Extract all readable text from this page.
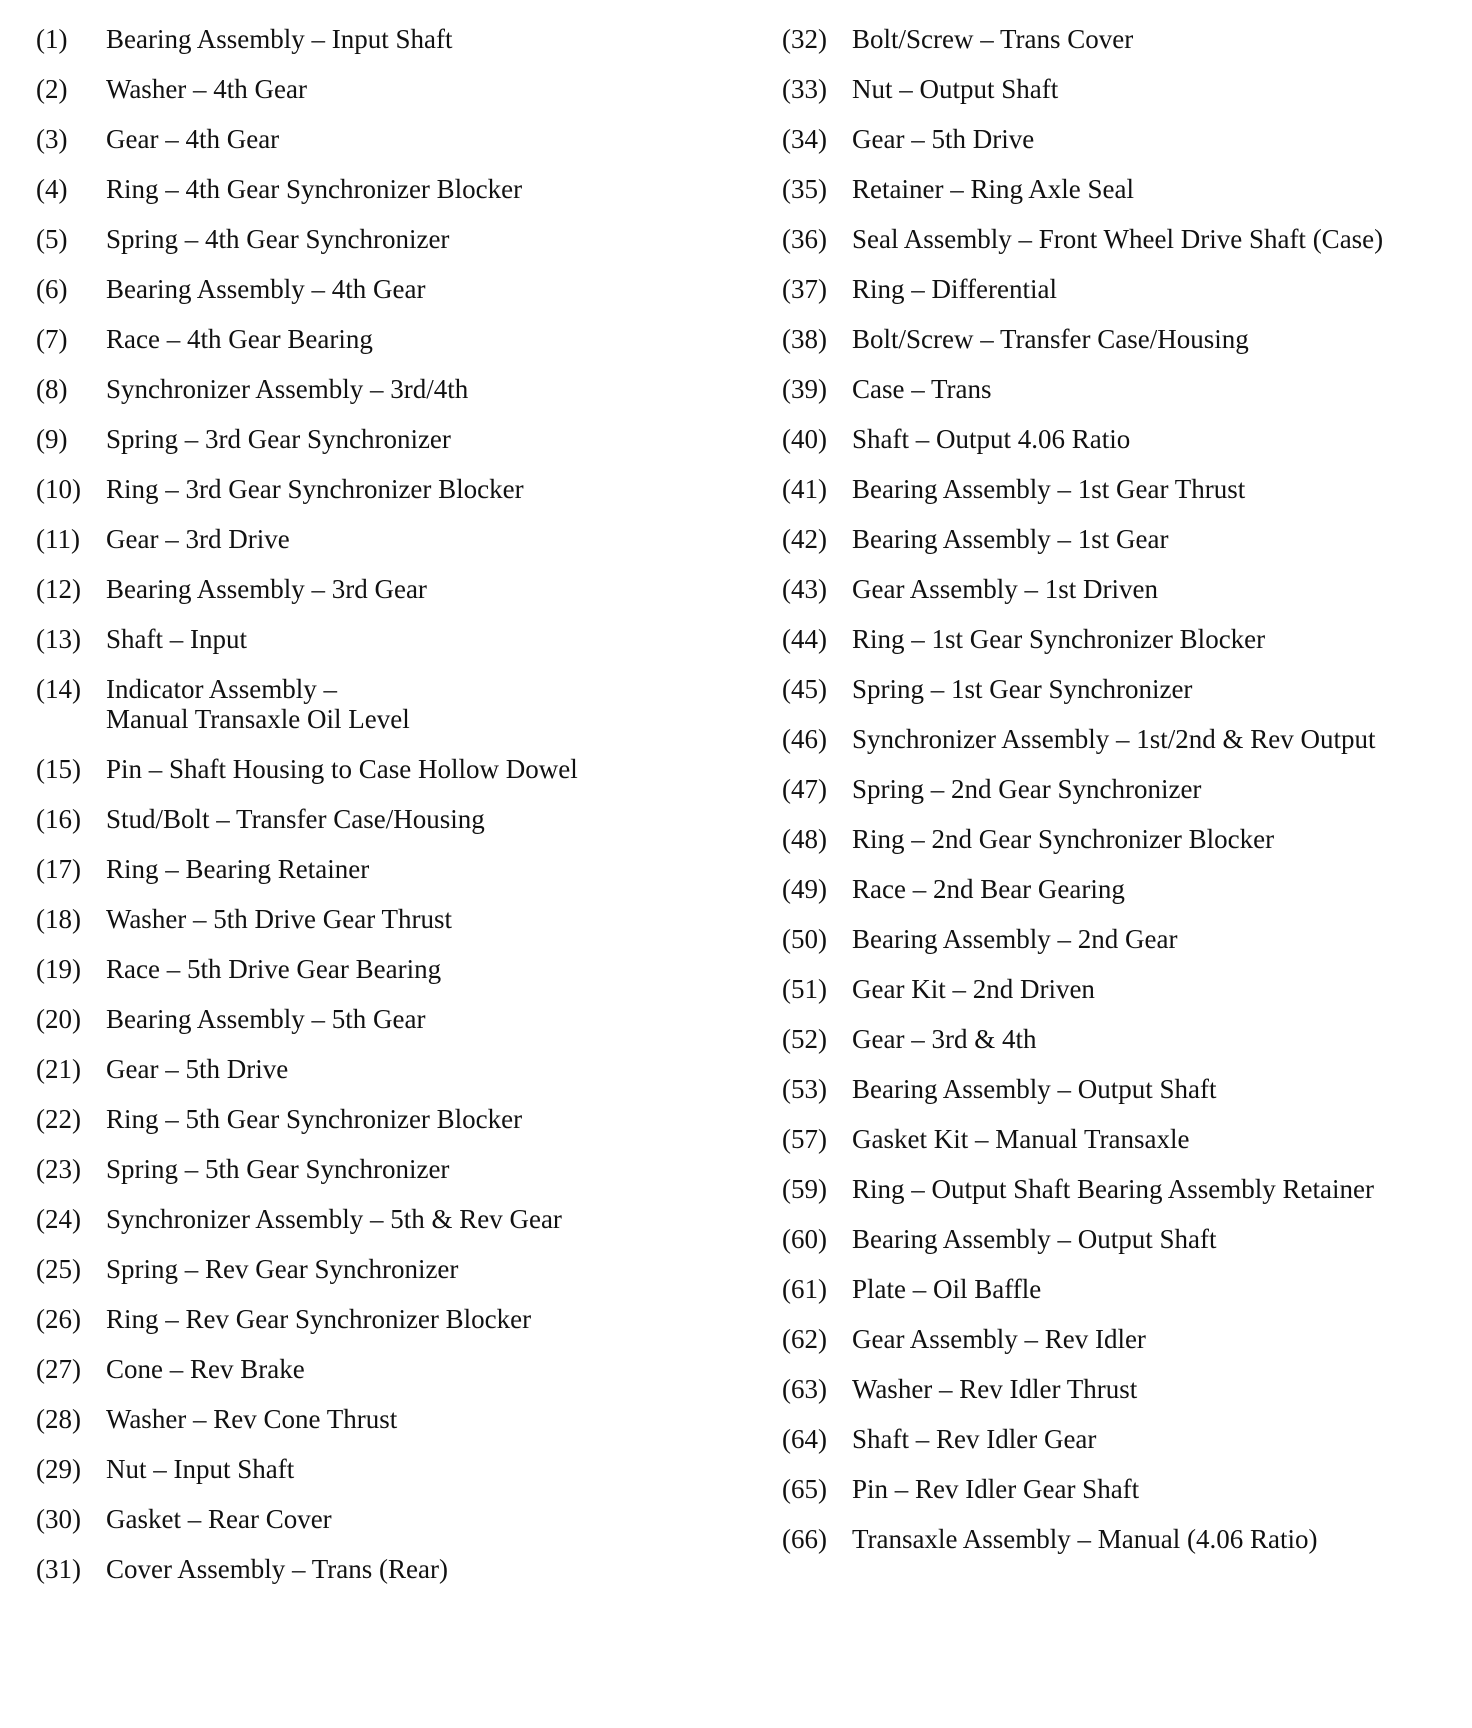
(1) Bearing Assembly – Input Shaft
(2) Washer – 4th Gear
(3) Gear – 4th Gear
(4) Ring – 4th Gear Synchronizer Blocker
(5) Spring – 4th Gear Synchronizer
(6) Bearing Assembly – 4th Gear
(7) Race – 4th Gear Bearing
(8) Synchronizer Assembly – 3rd/4th
(9) Spring – 3rd Gear Synchronizer
(10) Ring – 3rd Gear Synchronizer Blocker
(11) Gear – 3rd Drive
(12) Bearing Assembly – 3rd Gear
(13) Shaft – Input
(14) Indicator Assembly –
Manual Transaxle Oil Level
(15) Pin – Shaft Housing to Case Hollow Dowel
(16) Stud/Bolt – Transfer Case/Housing
(17) Ring – Bearing Retainer
(18) Washer – 5th Drive Gear Thrust
(19) Race – 5th Drive Gear Bearing
(20) Bearing Assembly – 5th Gear
(21) Gear – 5th Drive
(22) Ring – 5th Gear Synchronizer Blocker
(23) Spring – 5th Gear Synchronizer
(24) Synchronizer Assembly – 5th & Rev Gear
(25) Spring – Rev Gear Synchronizer
(26) Ring – Rev Gear Synchronizer Blocker
(27) Cone – Rev Brake
(28) Washer – Rev Cone Thrust
(29) Nut – Input Shaft
(30) Gasket – Rear Cover
(31) Cover Assembly – Trans (Rear)
(32) Bolt/Screw – Trans Cover
(33) Nut – Output Shaft
(34) Gear – 5th Drive
(35) Retainer – Ring Axle Seal
(36) Seal Assembly – Front Wheel Drive Shaft (Case)
(37) Ring – Differential
(38) Bolt/Screw – Transfer Case/Housing
(39) Case – Trans
(40) Shaft – Output 4.06 Ratio
(41) Bearing Assembly – 1st Gear Thrust
(42) Bearing Assembly – 1st Gear
(43) Gear Assembly – 1st Driven
(44) Ring – 1st Gear Synchronizer Blocker
(45) Spring – 1st Gear Synchronizer
(46) Synchronizer Assembly – 1st/2nd & Rev Output
(47) Spring – 2nd Gear Synchronizer
(48) Ring – 2nd Gear Synchronizer Blocker
(49) Race – 2nd Bear Gearing
(50) Bearing Assembly – 2nd Gear
(51) Gear Kit – 2nd Driven
(52) Gear – 3rd & 4th
(53) Bearing Assembly – Output Shaft
(57) Gasket Kit – Manual Transaxle
(59) Ring – Output Shaft Bearing Assembly Retainer
(60) Bearing Assembly – Output Shaft
(61) Plate – Oil Baffle
(62) Gear Assembly – Rev Idler
(63) Washer – Rev Idler Thrust
(64) Shaft – Rev Idler Gear
(65) Pin – Rev Idler Gear Shaft
(66) Transaxle Assembly – Manual (4.06 Ratio)
